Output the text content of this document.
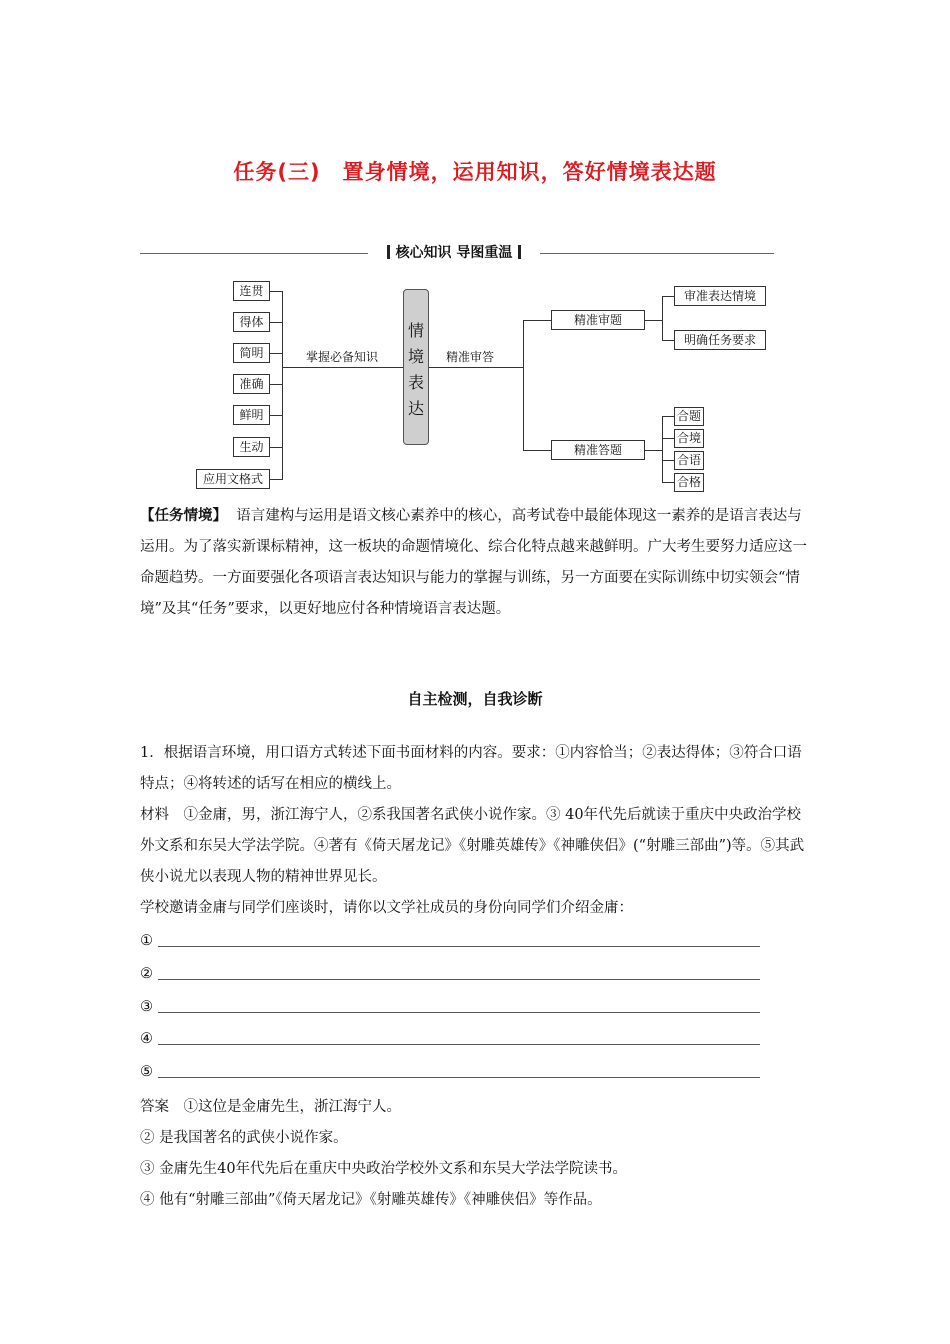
任务(三)　置身情境，运用知识，答好情境表达题
核心知识 导图重温
连贯
得体
简明
准确
鲜明
生动
应用文格式
掌握必备知识
情
境
表
达
精准审答
精准审题
精准答题
审准表达情境
明确任务要求
合题
合境
合语
合格
【任务情境】 语言建构与运用是语文核心素养中的核心，高考试卷中最能体现这一素养的是语言表达与运用。为了落实新课标精神，这一板块的命题情境化、综合化特点越来越鲜明。广大考生要努力适应这一命题趋势。一方面要强化各项语言表达知识与能力的掌握与训练，另一方面要在实际训练中切实领会“情境”及其“任务”要求，以更好地应付各种情境语言表达题。
自主检测，自我诊断
1．根据语言环境，用口语方式转述下面书面材料的内容。要求：①内容恰当；②表达得体；③符合口语特点；④将转述的话写在相应的横线上。
材料　①金庸，男，浙江海宁人，②系我国著名武侠小说作家。③ 40年代先后就读于重庆中央政治学校外文系和东吴大学法学院。④著有《倚天屠龙记》《射雕英雄传》《神雕侠侣》(“射雕三部曲”)等。⑤其武侠小说尤以表现人物的精神世界见长。
学校邀请金庸与同学们座谈时，请你以文学社成员的身份向同学们介绍金庸：
①
②
③
④
⑤
答案　①这位是金庸先生，浙江海宁人。
② 是我国著名的武侠小说作家。
③ 金庸先生40年代先后在重庆中央政治学校外文系和东吴大学法学院读书。
④ 他有“射雕三部曲”《倚天屠龙记》《射雕英雄传》《神雕侠侣》等作品。
